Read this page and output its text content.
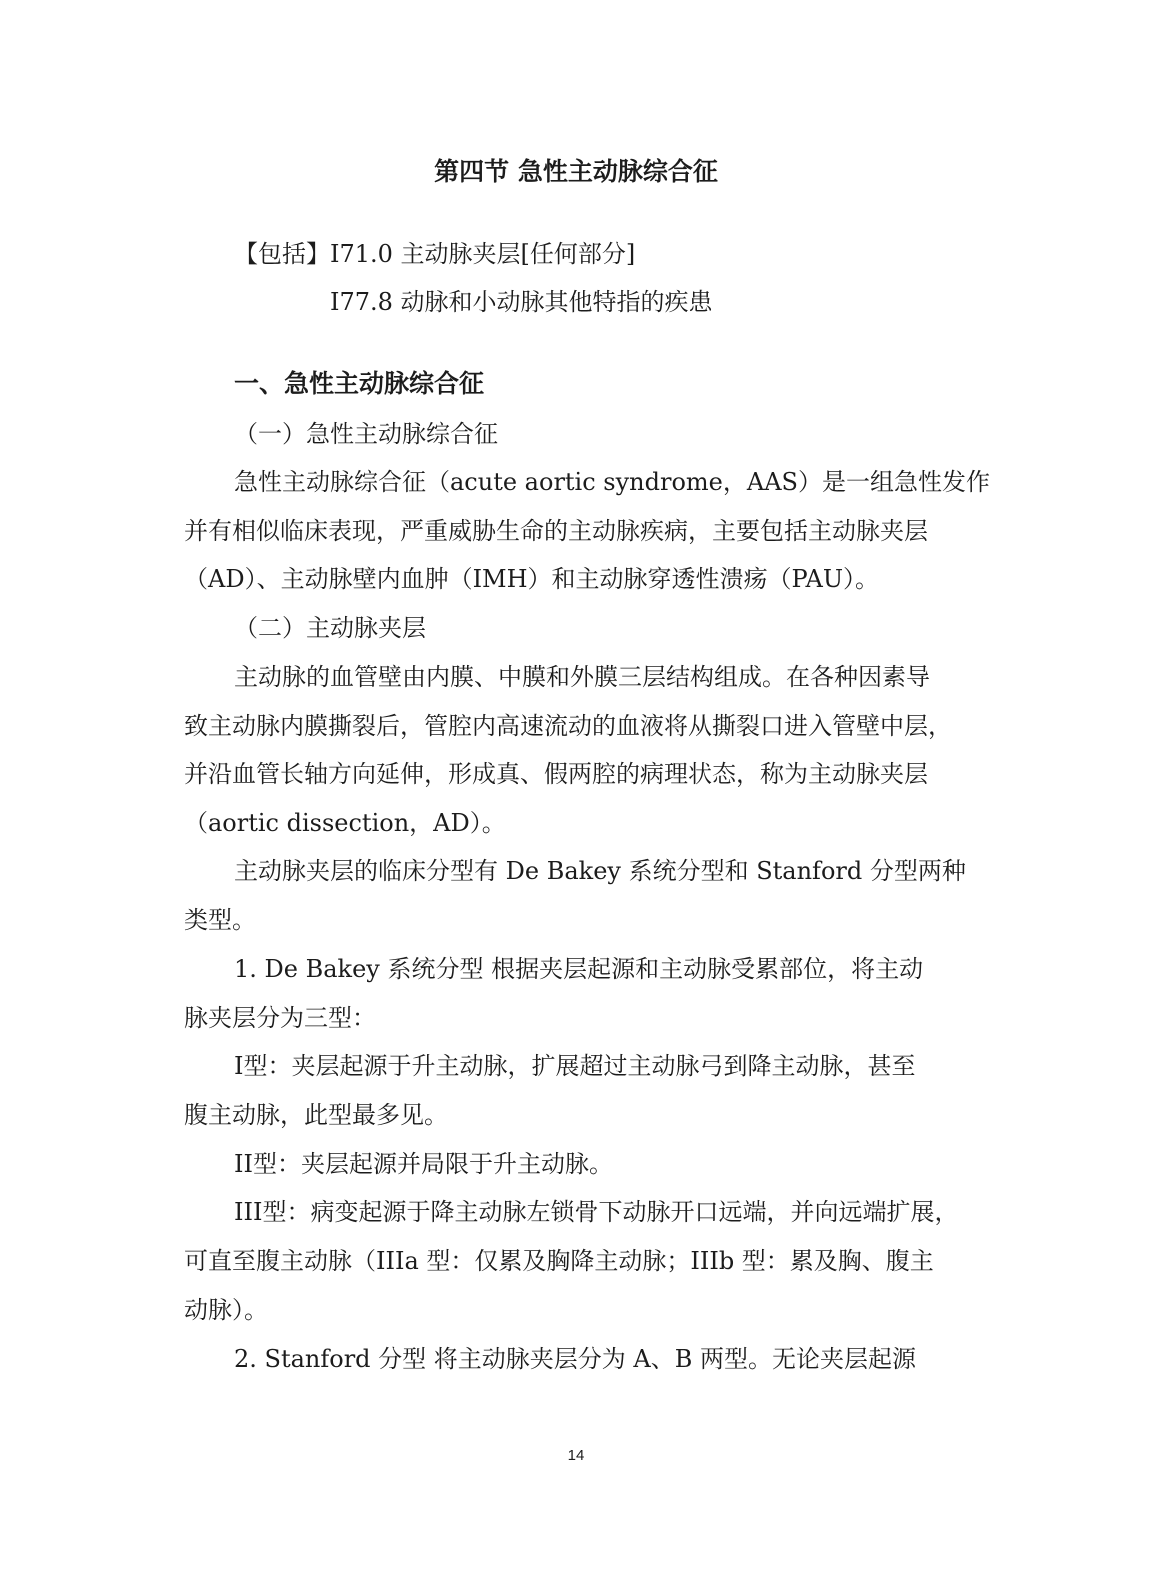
第四节 急性主动脉综合征
【包括】I71.0 主动脉夹层[任何部分]
I77.8 动脉和小动脉其他特指的疾患
一、急性主动脉综合征
（一）急性主动脉综合征
急性主动脉综合征（acute aortic syndrome，AAS）是一组急性发作
并有相似临床表现，严重威胁生命的主动脉疾病，主要包括主动脉夹层
（AD）、主动脉壁内血肿（IMH）和主动脉穿透性溃疡（PAU）。
（二）主动脉夹层
主动脉的血管壁由内膜、中膜和外膜三层结构组成。在各种因素导
致主动脉内膜撕裂后，管腔内高速流动的血液将从撕裂口进入管壁中层，
并沿血管长轴方向延伸，形成真、假两腔的病理状态，称为主动脉夹层
（aortic dissection，AD）。
主动脉夹层的临床分型有 De Bakey 系统分型和 Stanford 分型两种
类型。
1. De Bakey 系统分型 根据夹层起源和主动脉受累部位，将主动
脉夹层分为三型：
I型：夹层起源于升主动脉，扩展超过主动脉弓到降主动脉，甚至
腹主动脉，此型最多见。
II型：夹层起源并局限于升主动脉。
III型：病变起源于降主动脉左锁骨下动脉开口远端，并向远端扩展，
可直至腹主动脉（IIIa 型：仅累及胸降主动脉；IIIb 型：累及胸、腹主
动脉）。
2. Stanford 分型 将主动脉夹层分为 A、B 两型。无论夹层起源
14
